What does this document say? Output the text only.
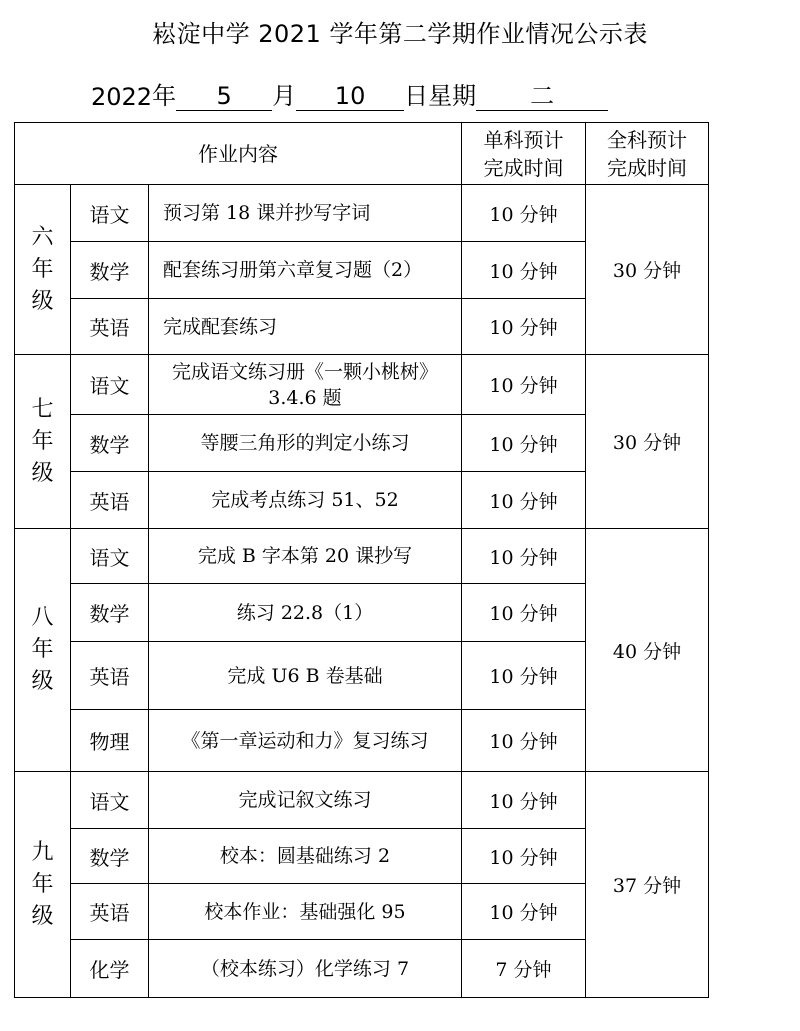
崧淀中学 2021 学年第二学期作业情况公示表
2022年 5 月 10 日星期 二
作业内容			单科预计完成时间	全科预计完成时间

六年级	语文	预习第 18 课并抄写字词	10 分钟	30 分钟
	数学	配套练习册第六章复习题（2）	10 分钟	
	英语	完成配套练习	10 分钟	

七年级	语文	完成语文练习册《一颗小桃树》3.4.6 题	10 分钟	30 分钟
	数学	等腰三角形的判定小练习	10 分钟	
	英语	完成考点练习 51、52	10 分钟	

八年级	语文	完成 B 字本第 20 课抄写	10 分钟	40 分钟
	数学	练习 22.8（1）	10 分钟	
	英语	完成 U6 B 卷基础	10 分钟	
	物理	《第一章运动和力》复习练习	10 分钟	

九年级	语文	完成记叙文练习	10 分钟	37 分钟
	数学	校本：圆基础练习 2	10 分钟	
	英语	校本作业：基础强化 95	10 分钟	
	化学	（校本练习）化学练习 7	7 分钟	
